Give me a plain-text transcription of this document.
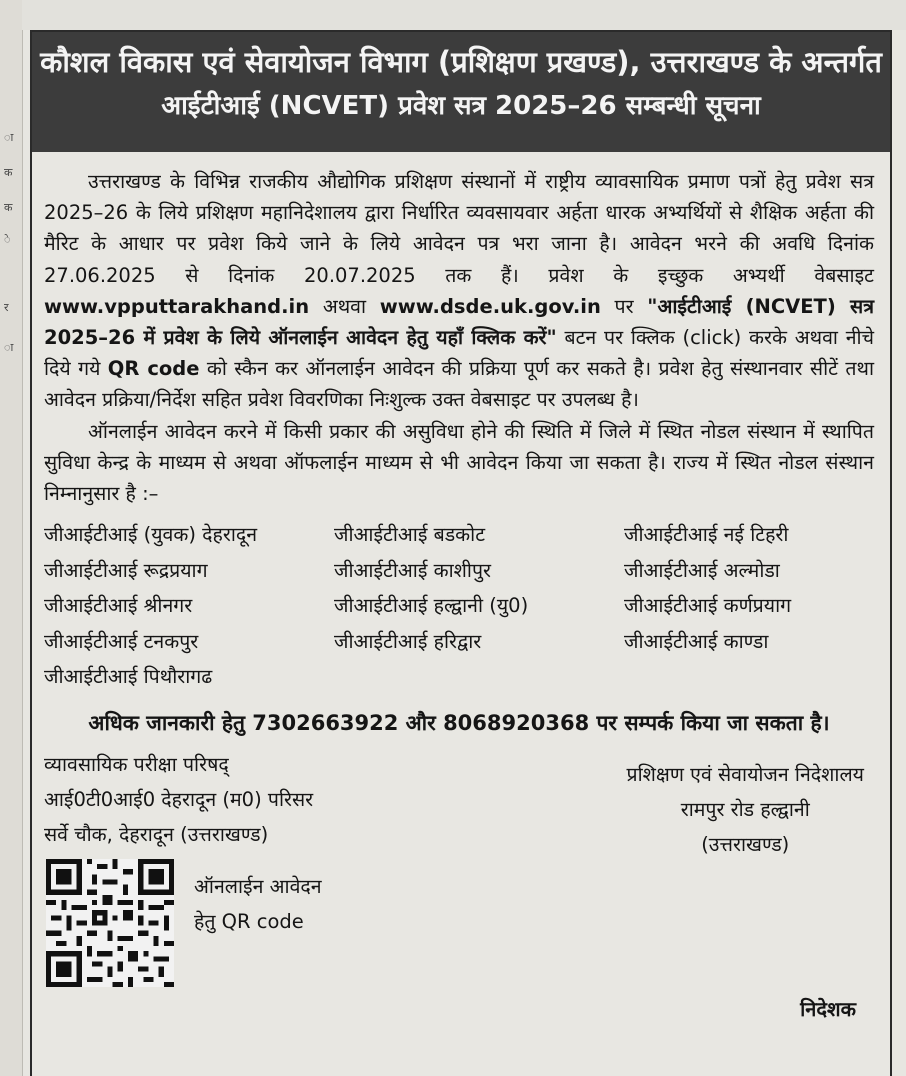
ा
क
क
े
र
ा
कौशल विकास एवं सेवायोजन विभाग (प्रशिक्षण प्रखण्ड), उत्तराखण्ड के अन्तर्गत
आईटीआई (NCVET) प्रवेश सत्र 2025–26 सम्बन्धी सूचना

उत्तराखण्ड के विभिन्न राजकीय औद्योगिक प्रशिक्षण संस्थानों में राष्ट्रीय व्यावसायिक प्रमाण पत्रों हेतु प्रवेश सत्र 2025–26 के लिये प्रशिक्षण महानिदेशालय द्वारा निर्धारित व्यवसायवार अर्हता धारक अभ्यर्थियों से शैक्षिक अर्हता की मैरिट के आधार पर प्रवेश किये जाने के लिये आवेदन पत्र भरा जाना है। आवेदन भरने की अवधि दिनांक 27.06.2025 से दिनांक 20.07.2025 तक हैं। प्रवेश के इच्छुक अभ्यर्थी वेबसाइट www.vpputtarakhand.in अथवा www.dsde.uk.gov.in पर "आईटीआई (NCVET) सत्र 2025–26 में प्रवेश के लिये ऑनलाईन आवेदन हेतु यहाँ क्लिक करें" बटन पर क्लिक (click) करके अथवा नीचे दिये गये QR code को स्कैन कर ऑनलाईन आवेदन की प्रक्रिया पूर्ण कर सकते है। प्रवेश हेतु संस्थानवार सीटें तथा आवेदन प्रक्रिया/निर्देश सहित प्रवेश विवरणिका निःशुल्क उक्त वेबसाइट पर उपलब्ध है।

ऑनलाईन आवेदन करने में किसी प्रकार की असुविधा होने की स्थिति में जिले में स्थित नोडल संस्थान में स्थापित सुविधा केन्द्र के माध्यम से अथवा ऑफलाईन माध्यम से भी आवेदन किया जा सकता है। राज्य में स्थित नोडल संस्थान निम्नानुसार है :–

जीआईटीआई (युवक) देहरादून	जीआईटीआई बडकोट	जीआईटीआई नई टिहरी
जीआईटीआई रूद्रप्रयाग	जीआईटीआई काशीपुर	जीआईटीआई अल्मोडा
जीआईटीआई श्रीनगर	जीआईटीआई हल्द्वानी (यु0)	जीआईटीआई कर्णप्रयाग
जीआईटीआई टनकपुर	जीआईटीआई हरिद्वार	जीआईटीआई काण्डा
जीआईटीआई पिथौरागढ
अधिक जानकारी हेतु 7302663922 और 8068920368 पर सम्पर्क किया जा सकता है।
व्यावसायिक परीक्षा परिषद्
आई0टी0आई0 देहरादून (म0) परिसर
सर्वे चौक, देहरादून (उत्तराखण्ड)
प्रशिक्षण एवं सेवायोजन निदेशालय
रामपुर रोड हल्द्वानी
(उत्तराखण्ड)
ऑनलाईन आवेदन
हेतु QR code
निदेशक
